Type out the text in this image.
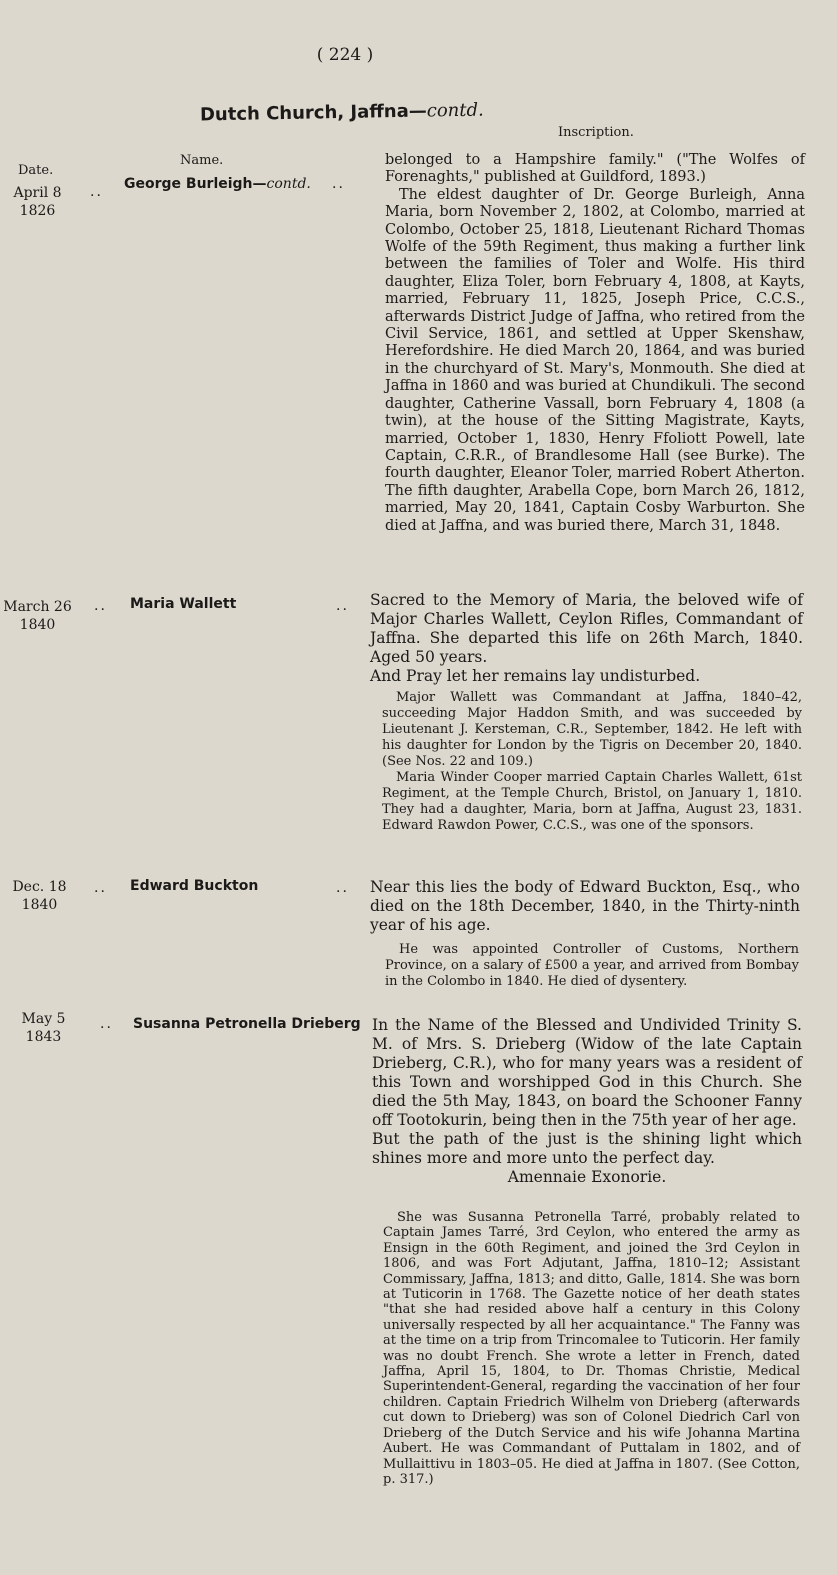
( 224 )
Dutch Church, Jaffna—contd.
Date.
Name.
Inscription.
April 8
1826
.. George Burleigh—contd. ..

belonged to a Hampshire family." ("The Wolfes of Forenaghts," published at Guildford, 1893.)

The eldest daughter of Dr. George Burleigh, Anna Maria, born November 2, 1802, at Colombo, married at Colombo, October 25, 1818, Lieutenant Richard Thomas Wolfe of the 59th Regiment, thus making a further link between the families of Toler and Wolfe. His third daughter, Eliza Toler, born February 4, 1808, at Kayts, married, February 11, 1825, Joseph Price, C.C.S., afterwards District Judge of Jaffna, who retired from the Civil Service, 1861, and settled at Upper Skenshaw, Herefordshire. He died March 20, 1864, and was buried in the churchyard of St. Mary's, Monmouth. She died at Jaffna in 1860 and was buried at Chundikuli. The second daughter, Catherine Vassall, born February 4, 1808 (a twin), at the house of the Sitting Magistrate, Kayts, married, October 1, 1830, Henry Ffoliott Powell, late Captain, C.R.R., of Brandlesome Hall (see Burke). The fourth daughter, Eleanor Toler, married Robert Atherton. The fifth daughter, Arabella Cope, born March 26, 1812, married, May 20, 1841, Captain Cosby Warburton. She died at Jaffna, and was buried there, March 31, 1848.

March 26
1840
.. Maria Wallett	.. Sacred to the Memory of Maria, the beloved wife of Major Charles Wallett, Ceylon Rifles, Commandant of Jaffna. She departed this life on 26th March, 1840. Aged 50 years.

And Pray let her remains lay undisturbed.

Major Wallett was Commandant at Jaffna, 1840–42, succeeding Major Haddon Smith, and was succeeded by Lieutenant J. Kersteman, C.R., September, 1842. He left with his daughter for London by the Tigris on December 20, 1840. (See Nos. 22 and 109.)

Maria Winder Cooper married Captain Charles Wallett, 61st Regiment, at the Temple Church, Bristol, on January 1, 1810. They had a daughter, Maria, born at Jaffna, August 23, 1831. Edward Rawdon Power, C.C.S., was one of the sponsors.

Dec. 18
1840
.. Edward Buckton	.. Near this lies the body of Edward Buckton, Esq., who died on the 18th December, 1840, in the Thirty-ninth year of his age.

He was appointed Controller of Customs, Northern Province, on a salary of £500 a year, and arrived from Bombay in the Colombo in 1840. He died of dysentery.

May 5
1843
.. Susanna Petronella Drieberg In the Name of the Blessed and Undivided Trinity S. M. of Mrs. S. Drieberg (Widow of the late Captain Drieberg, C.R.), who for many years was a resident of this Town and worshipped God in this Church. She died the 5th May, 1843, on board the Schooner Fanny off Tootokurin, being then in the 75th year of her age.

But the path of the just is the shining light which shines more and more unto the perfect day.

Amennaie Exonorie.

She was Susanna Petronella Tarré, probably related to Captain James Tarré, 3rd Ceylon, who entered the army as Ensign in the 60th Regiment, and joined the 3rd Ceylon in 1806, and was Fort Adjutant, Jaffna, 1810–12; Assistant Commissary, Jaffna, 1813; and ditto, Galle, 1814. She was born at Tuticorin in 1768. The Gazette notice of her death states "that she had resided above half a century in this Colony universally respected by all her acquaintance." The Fanny was at the time on a trip from Trincomalee to Tuticorin. Her family was no doubt French. She wrote a letter in French, dated Jaffna, April 15, 1804, to Dr. Thomas Christie, Medical Superintendent-General, regarding the vaccination of her four children. Captain Friedrich Wilhelm von Drieberg (afterwards cut down to Drieberg) was son of Colonel Diedrich Carl von Drieberg of the Dutch Service and his wife Johanna Martina Aubert. He was Commandant of Puttalam in 1802, and of Mullaittivu in 1803–05. He died at Jaffna in 1807. (See Cotton, p. 317.)
